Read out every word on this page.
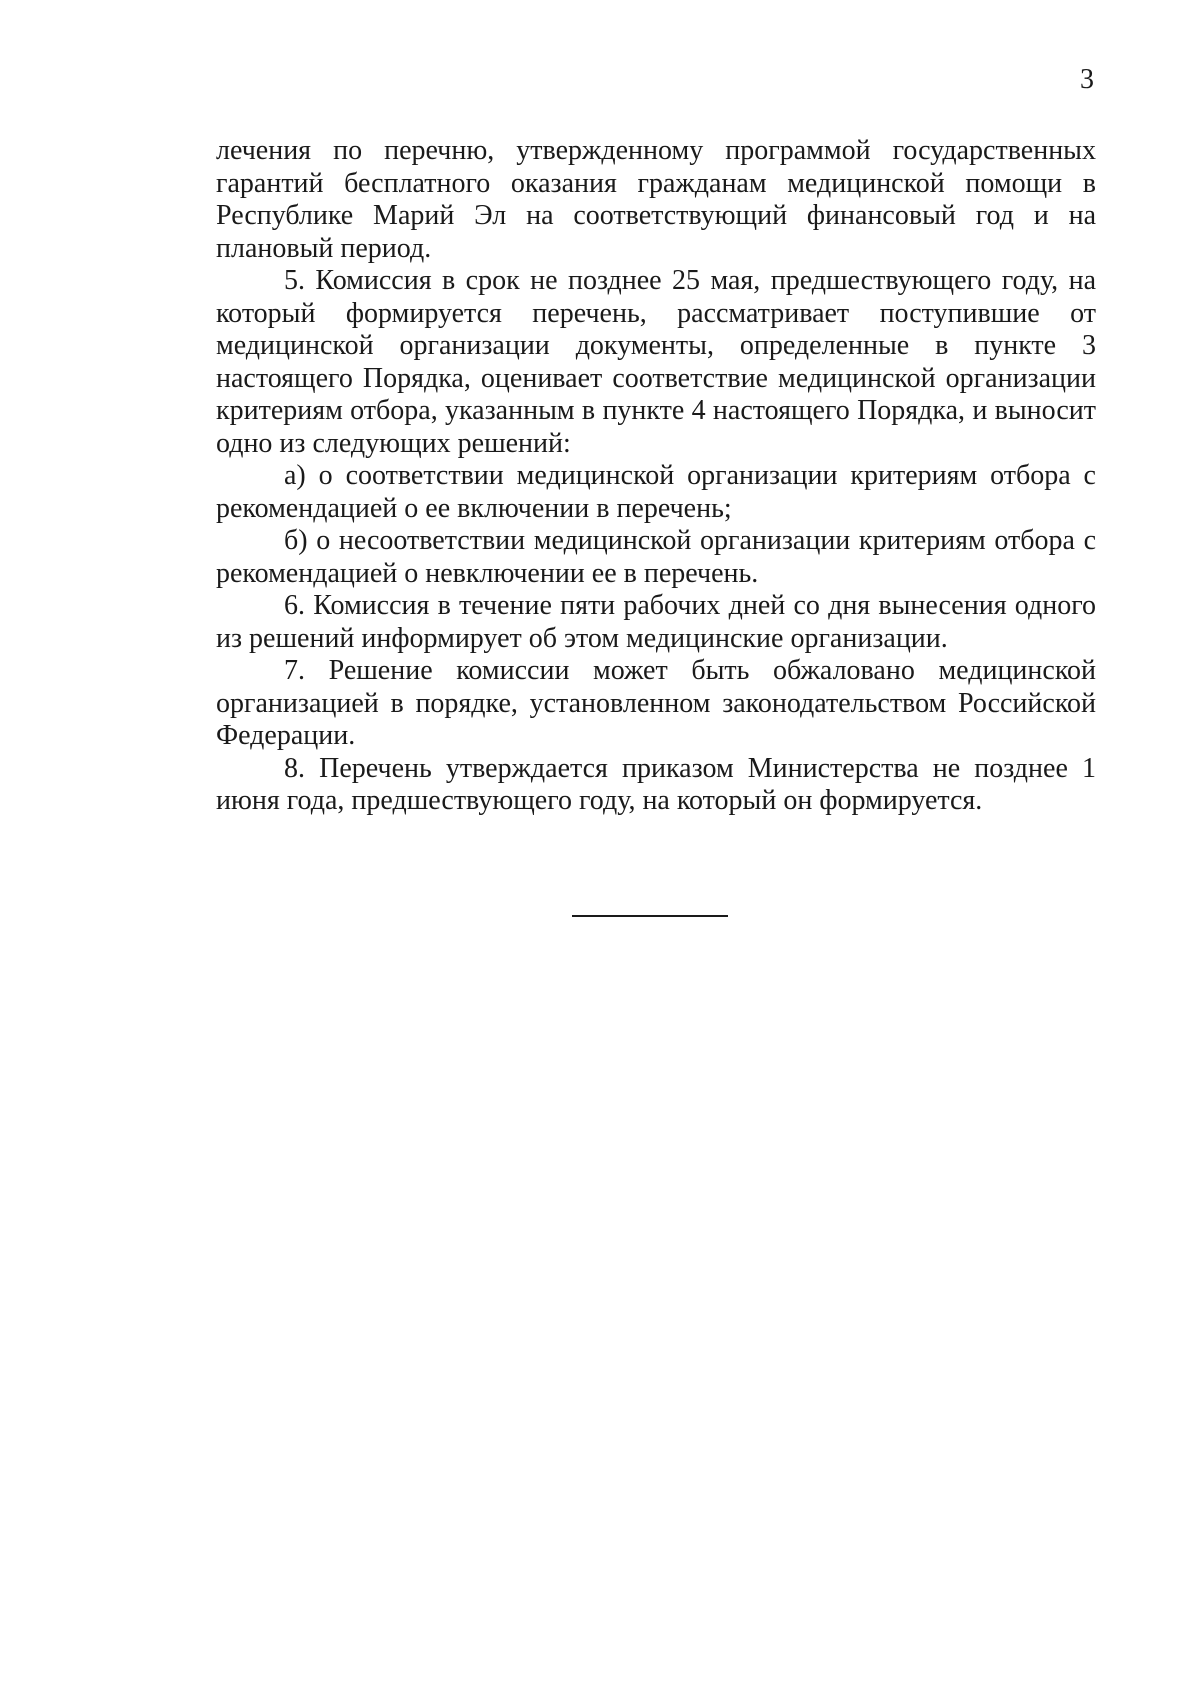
3

лечения по перечню, утвержденному программой государственных гарантий бесплатного оказания гражданам медицинской помощи в Республике Марий Эл на соответствующий финансовый год и на плановый период.

5. Комиссия в срок не позднее 25 мая, предшествующего году, на который формируется перечень, рассматривает поступившие от медицинской организации документы, определенные в пункте 3 настоящего Порядка, оценивает соответствие медицинской организации критериям отбора, указанным в пункте 4 настоящего Порядка, и выносит одно из следующих решений:

а) о соответствии медицинской организации критериям отбора с рекомендацией о ее включении в перечень;

б) о несоответствии медицинской организации критериям отбора с рекомендацией о невключении ее в перечень.

6. Комиссия в течение пяти рабочих дней со дня вынесения одного из решений информирует об этом медицинские организации.

7. Решение комиссии может быть обжаловано медицинской организацией в порядке, установленном законодательством Российской Федерации.

8. Перечень утверждается приказом Министерства не позднее 1 июня года, предшествующего году, на который он формируется.
